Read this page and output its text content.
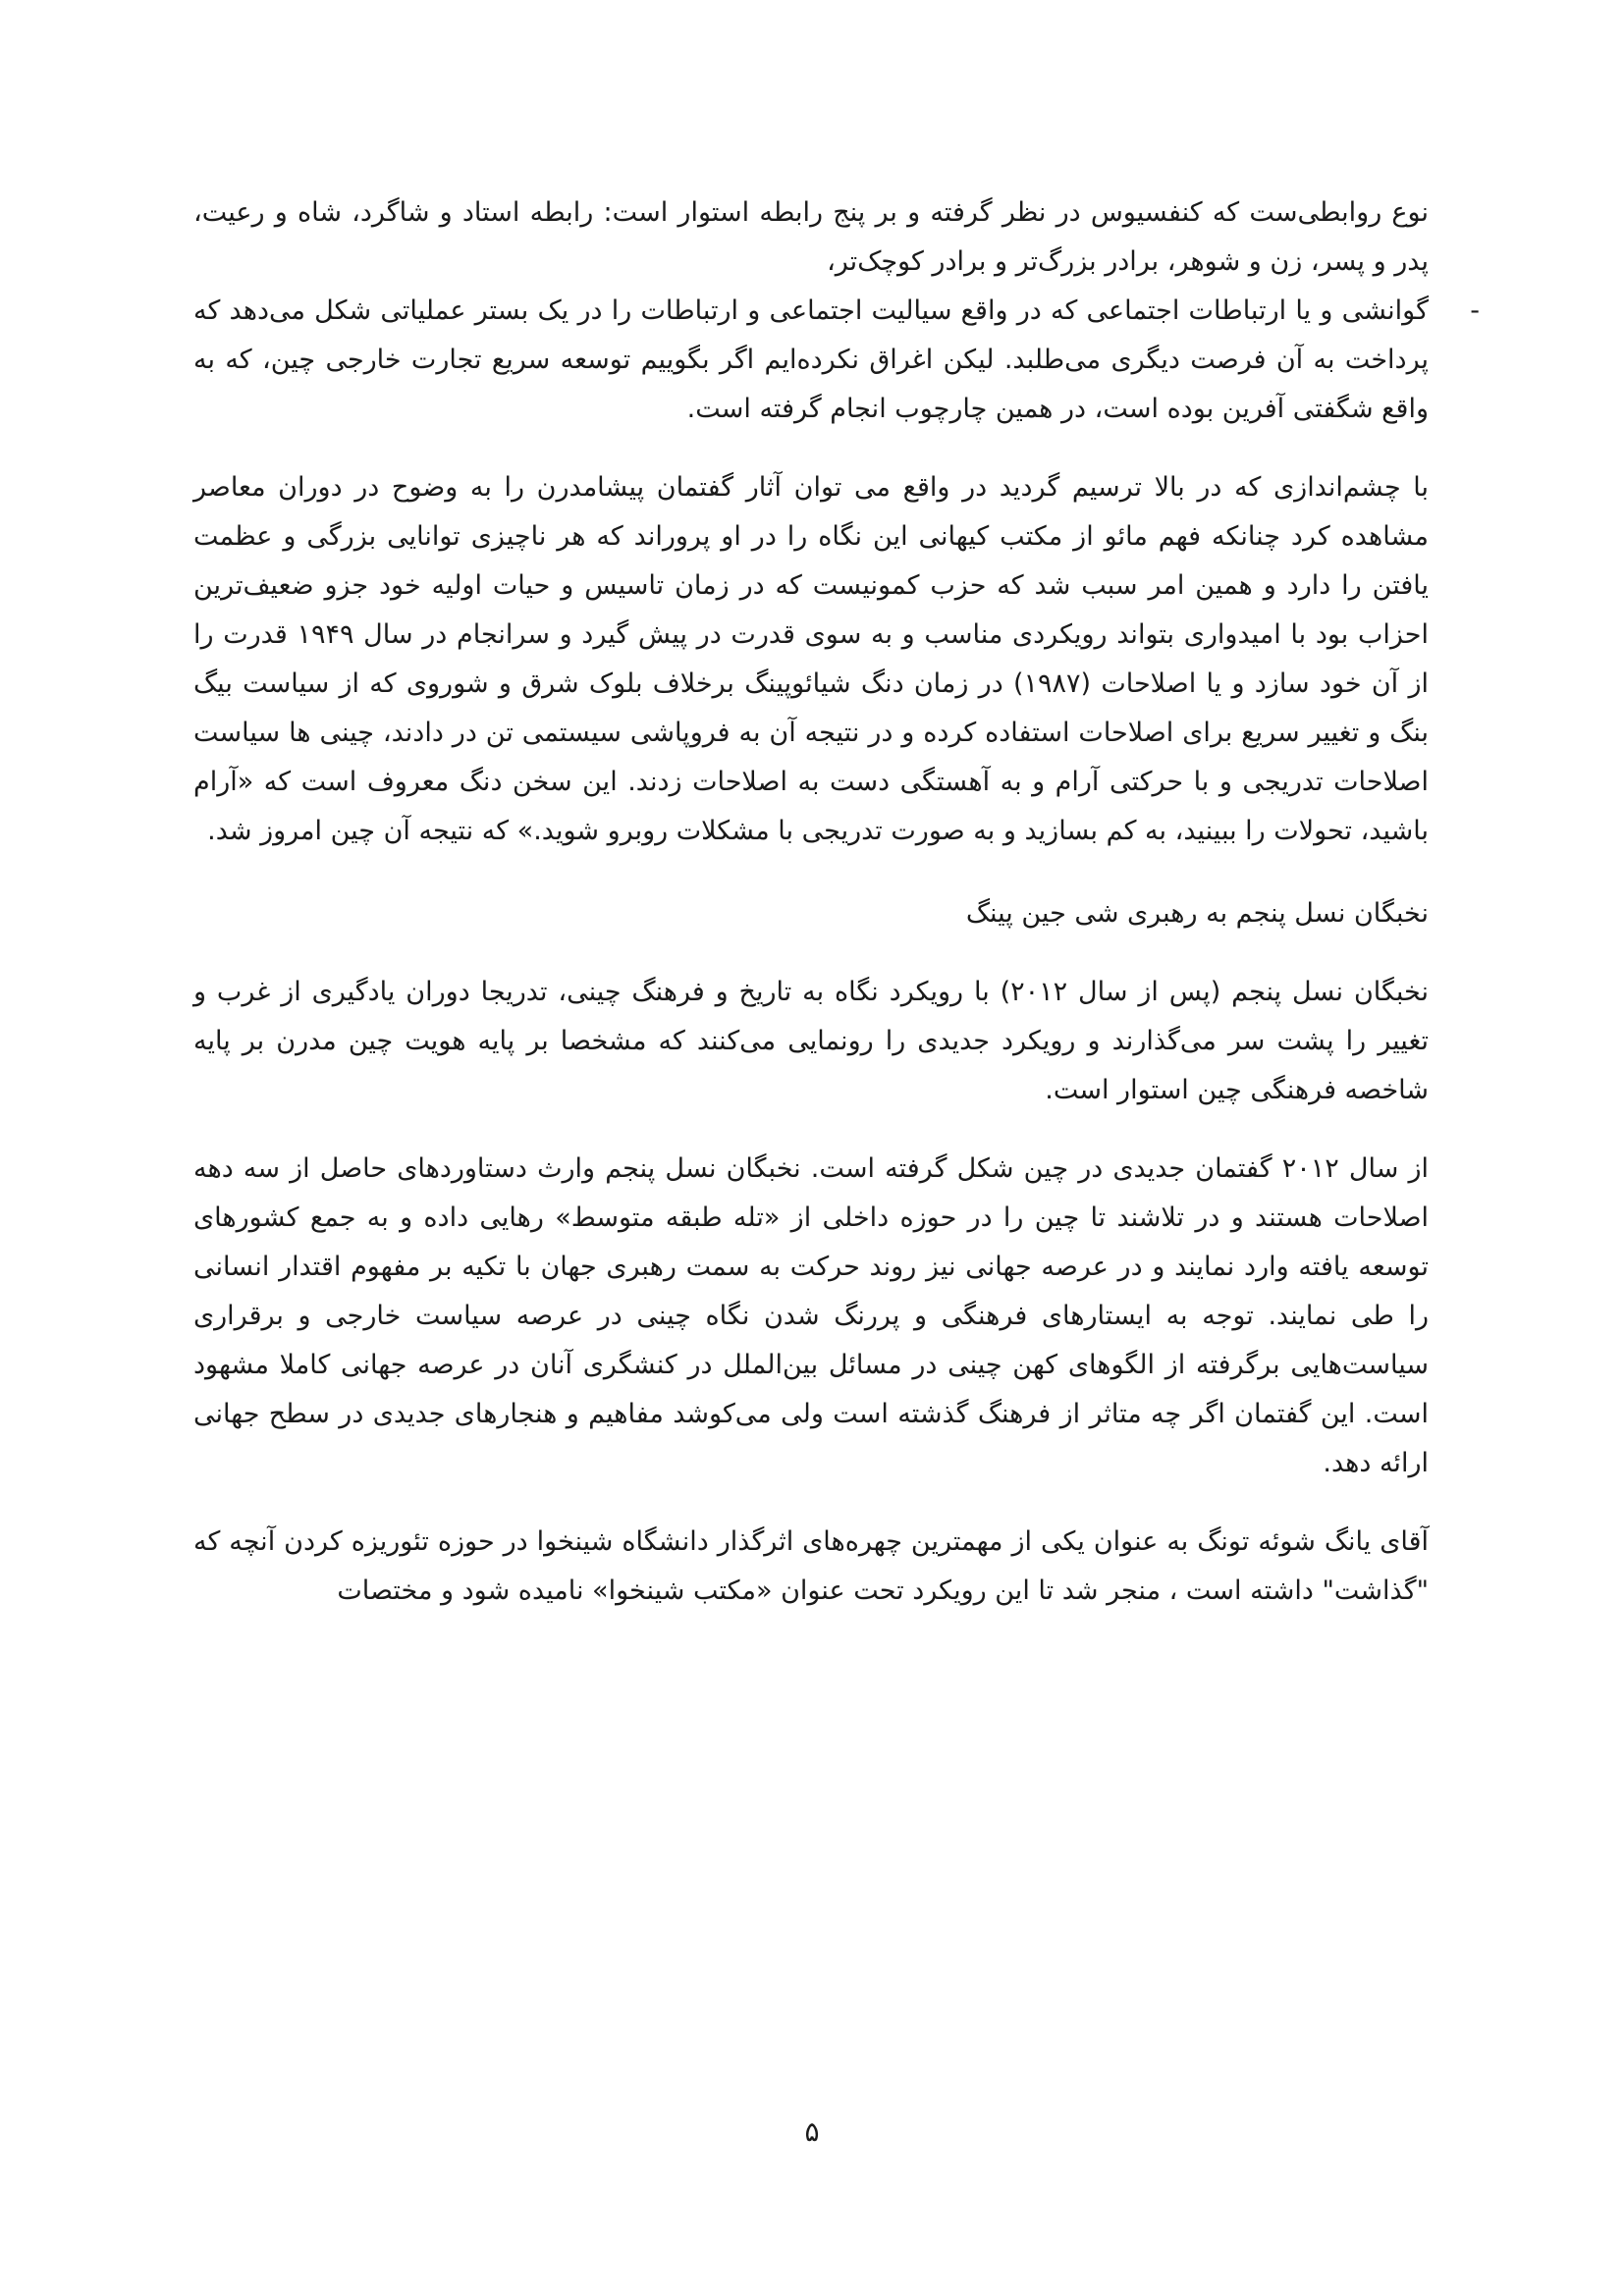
نوع روابطی‌ست که کنفسیوس در نظر گرفته و بر پنج رابطه استوار است: رابطه استاد و شاگرد، شاه و رعیت، پدر و پسر، زن و شوهر، برادر بزرگ‌تر و برادر کوچک‌تر،

-
گوانشی و یا ارتباطات اجتماعی که در واقع سیالیت اجتماعی و ارتباطات را در یک بستر عملیاتی شکل می‌دهد که پرداخت به آن فرصت دیگری می‌طلبد. لیکن اغراق نکرده‌ایم اگر بگوییم توسعه سریع تجارت خارجی چین، که به واقع شگفتی آفرین بوده است، در همین چارچوب انجام گرفته است.

با چشم‌اندازی که در بالا ترسیم گردید در واقع می توان آثار گفتمان پیشامدرن را به وضوح در دوران معاصر مشاهده کرد چنانکه فهم مائو از مکتب کیهانی این نگاه را در او پروراند که هر ناچیزی توانایی بزرگی و عظمت یافتن را دارد و همین امر سبب شد که حزب کمونیست که در زمان تاسیس و حیات اولیه خود جزو ضعیف‌ترین احزاب بود با امیدواری بتواند رویکردی مناسب و به سوی قدرت در پیش گیرد و سرانجام در سال ۱۹۴۹ قدرت را از آن خود سازد و یا اصلاحات (۱۹۸۷) در زمان دنگ شیائوپینگ برخلاف بلوک شرق و شوروی که از سیاست بیگ بنگ و تغییر سریع برای اصلاحات استفاده کرده و در نتیجه آن به فروپاشی سیستمی تن در دادند، چینی ها سیاست اصلاحات تدریجی و با حرکتی آرام و به آهستگی دست به اصلاحات زدند. این سخن دنگ معروف است که «آرام باشید، تحولات را ببینید، به کم بسازید و به صورت تدریجی با مشکلات روبرو شوید.» که نتیجه آن چین امروز شد.

نخبگان نسل پنجم به رهبری شی جین پینگ

نخبگان نسل پنجم (پس از سال ۲۰۱۲) با رویکرد نگاه به تاریخ و فرهنگ چینی، تدریجا دوران یادگیری از غرب و تغییر را پشت سر می‌گذارند و رویکرد جدیدی را رونمایی می‌کنند که مشخصا بر پایه هویت چین مدرن بر پایه شاخصه فرهنگی چین استوار است.

از سال ۲۰۱۲ گفتمان جدیدی در چین شکل گرفته است. نخبگان نسل پنجم وارث دستاوردهای حاصل از سه دهه اصلاحات هستند و در تلاشند تا چین را در حوزه داخلی از «تله طبقه متوسط» رهایی داده و به جمع کشورهای توسعه یافته وارد نمایند و در عرصه جهانی نیز روند حرکت به سمت رهبری جهان با تکیه بر مفهوم اقتدار انسانی را طی نمایند. توجه به ایستارهای فرهنگی و پررنگ شدن نگاه چینی در عرصه سیاست خارجی و برقراری سیاست‌هایی برگرفته از الگوهای کهن چینی در مسائل بین‌الملل در کنشگری آنان در عرصه جهانی کاملا مشهود است. این گفتمان اگر چه متاثر از فرهنگ گذشته است ولی می‌کوشد مفاهیم و هنجارهای جدیدی در سطح جهانی ارائه دهد.

آقای یانگ شوئه تونگ به عنوان یکی از مهمترین چهره‌های اثرگذار دانشگاه شینخوا در حوزه تئوریزه کردن آنچه که "گذاشت" داشته است ، منجر شد تا این رویکرد تحت عنوان «مکتب شینخوا» نامیده شود و مختصات

۵
